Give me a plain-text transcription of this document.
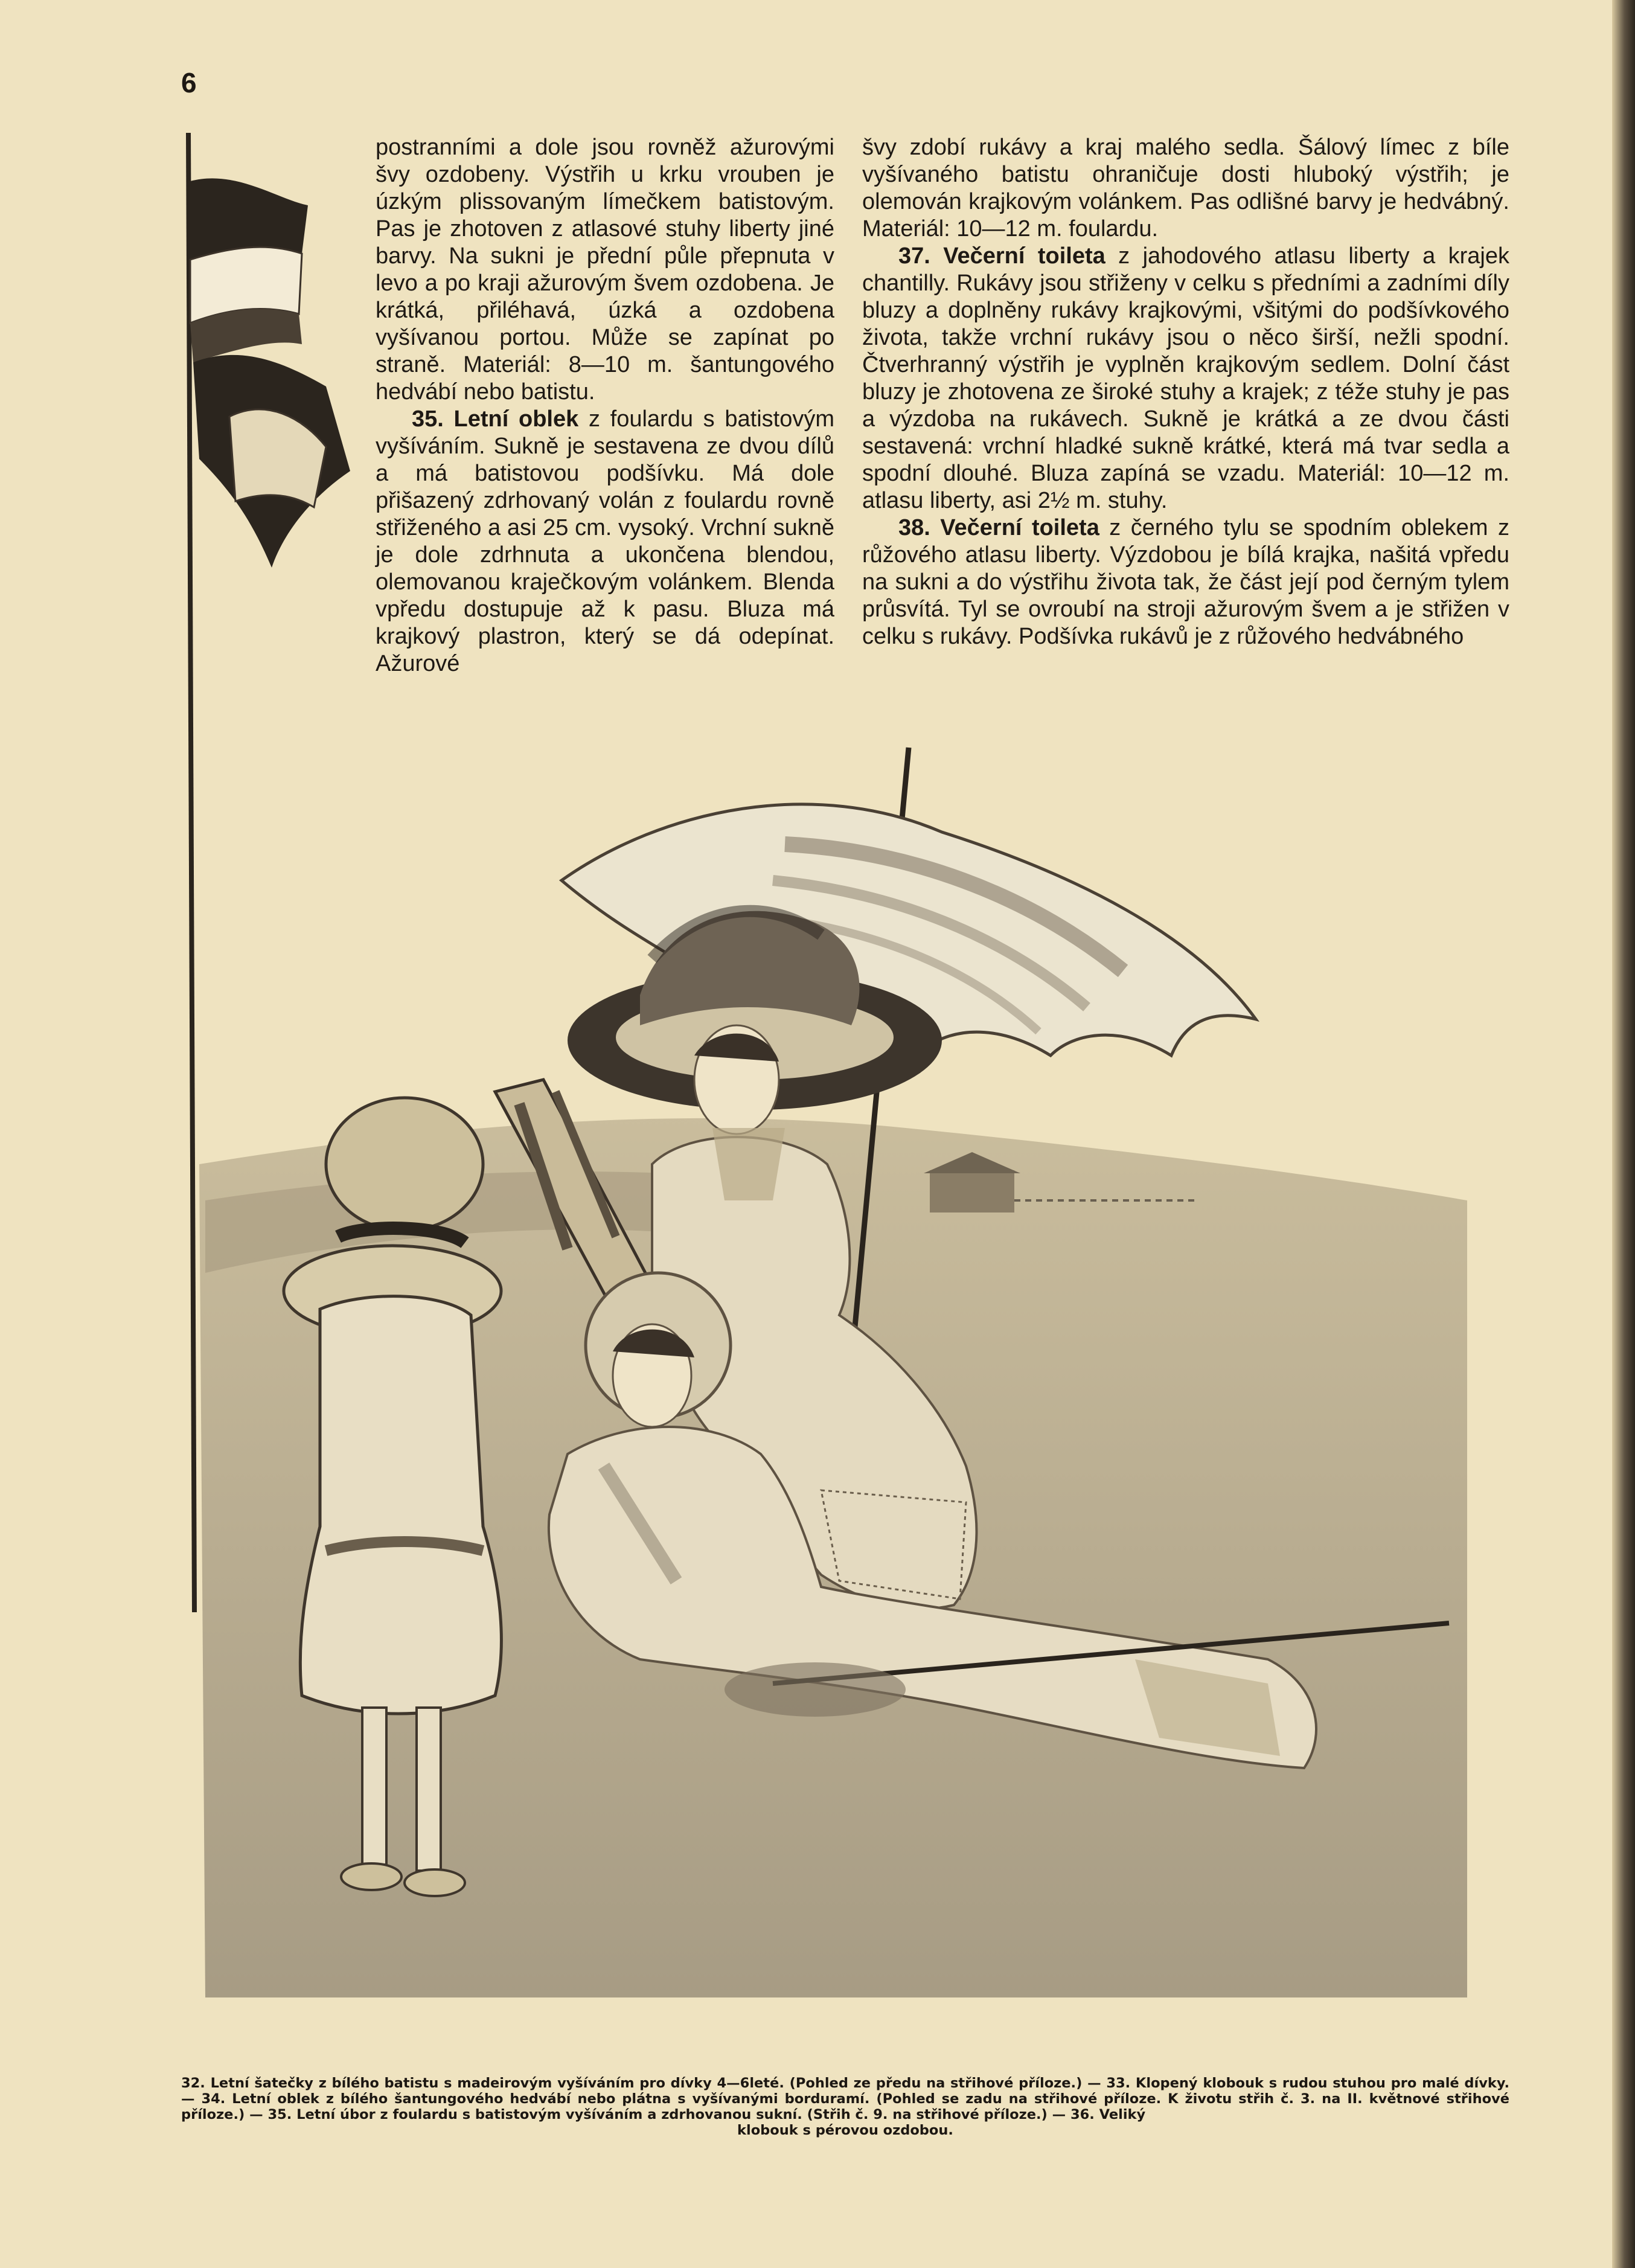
6

postranními a dole jsou rovněž ažurovými švy ozdobeny. Výstřih u krku vrouben je úzkým plissovaným límečkem batistovým. Pas je zhotoven z atlasové stuhy liberty jiné barvy. Na sukni je přední půle přepnuta v levo a po kraji ažurovým švem ozdobena. Je krátká, přiléhavá, úzká a ozdobena vyšívanou portou. Může se zapínat po straně. Materiál: 8—10 m. šantungového hedvábí nebo batistu.

35. Letní oblek z foulardu s batistovým vyšíváním. Sukně je sestavena ze dvou dílů a má batistovou podšívku. Má dole přišazený zdrhovaný volán z foulardu rovně střiženého a asi 25 cm. vysoký. Vrchní sukně je dole zdrhnuta a ukončena blendou, olemovanou kraječkovým volánkem. Blenda vpředu dostupuje až k pasu. Bluza má krajkový plastron, který se dá odepínat. Ažurové

švy zdobí rukávy a kraj malého sedla. Šálový límec z bíle vyšívaného batistu ohraničuje dosti hluboký výstřih; je olemován krajkovým volánkem. Pas odlišné barvy je hedvábný. Materiál: 10—12 m. foulardu.

37. Večerní toileta z jahodového atlasu liberty a krajek chantilly. Rukávy jsou střiženy v celku s předními a zadními díly bluzy a doplněny rukávy krajkovými, všitými do podšívkového života, takže vrchní rukávy jsou o něco širší, nežli spodní. Čtverhranný výstřih je vyplněn krajkovým sedlem. Dolní část bluzy je zhotovena ze široké stuhy a krajek; z téže stuhy je pas a výzdoba na rukávech. Sukně je krátká a ze dvou části sestavená: vrchní hladké sukně krátké, která má tvar sedla a spodní dlouhé. Bluza zapíná se vzadu. Materiál: 10—12 m. atlasu liberty, asi 2½ m. stuhy.

38. Večerní toileta z černého tylu se spodním oblekem z růžového atlasu liberty. Výzdobou je bílá krajka, našitá vpředu na sukni a do výstřihu života tak, že část její pod černým tylem průsvítá. Tyl se ovroubí na stroji ažurovým švem a je střižen v celku s rukávy. Podšívka rukávů je z růžového hedvábného

32. Letní šatečky z bílého batistu s madeirovým vyšíváním pro dívky 4—6leté. (Pohled ze předu na střihové příloze.) — 33. Klopený klobouk s rudou stuhou pro malé dívky. — 34. Letní oblek z bílého šantungového hedvábí nebo plátna s vyšívanými borduramí. (Pohled se zadu na střihové příloze. K životu střih č. 3. na II. květnové střihové příloze.) — 35. Letní úbor z foulardu s batistovým vyšíváním a zdrhovanou sukní. (Střih č. 9. na střihové příloze.) — 36. Veliký
klobouk s pérovou ozdobou.
